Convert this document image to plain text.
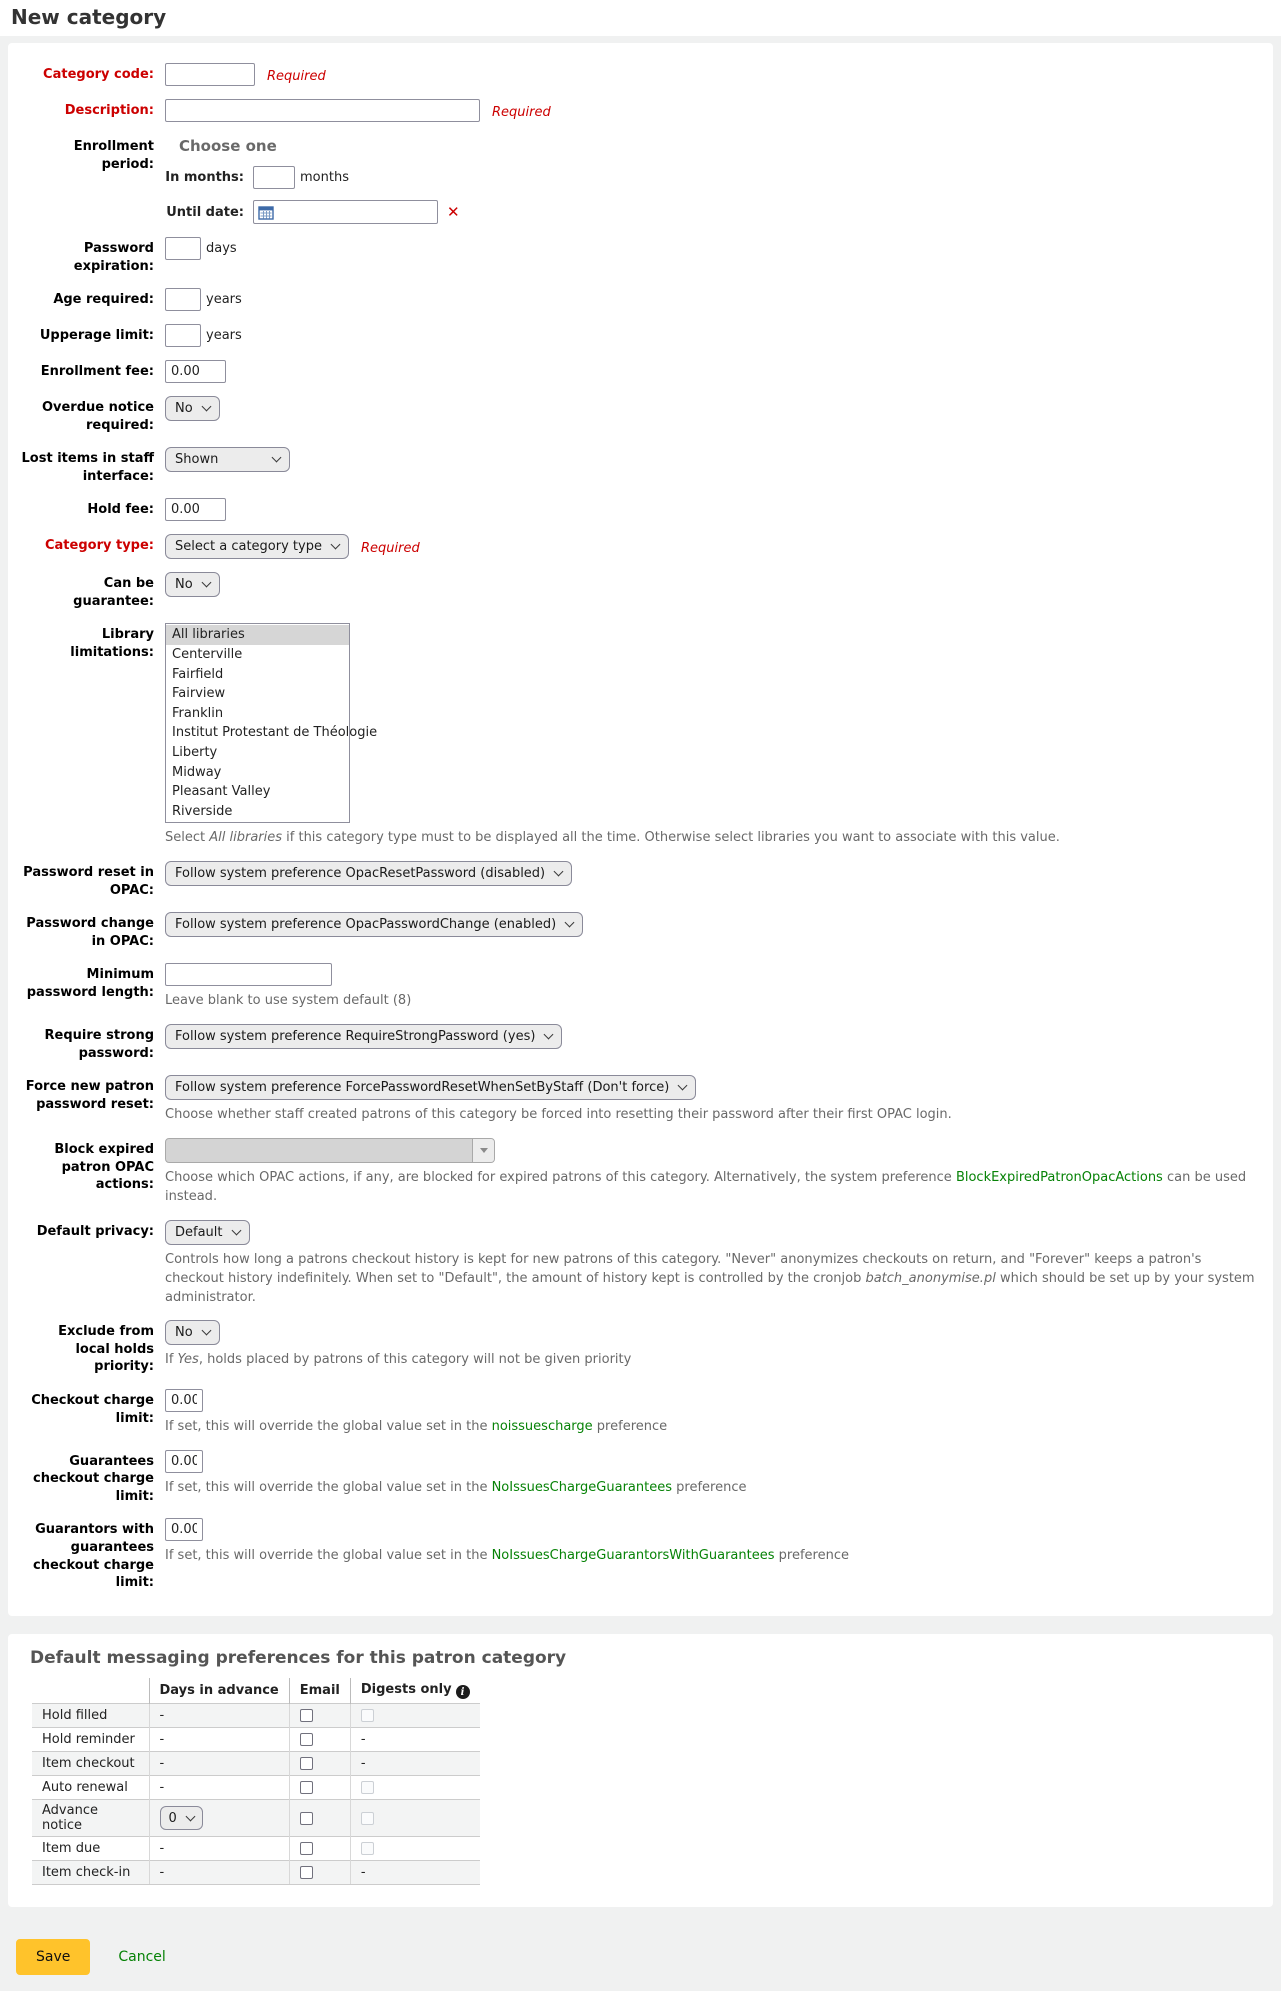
New category
Category code:	Required
Description:	Required
Enrollment period:
Choose one
In months:	months
Until date:	✕
Password expiration:
days
Age required:	years
Upperage limit:	years
Enrollment fee:
0.00
Overdue notice required:
No
Lost items in staff interface:
Shown
Hold fee:
0.00
Category type:	Select a category type	Required
Can be guarantee:
No
Library limitations:
All libraries
Centerville
Fairfield
Fairview
Franklin
Institut Protestant de Théologie
Liberty
Midway
Pleasant Valley
Riverside
Select All libraries if this category type must to be displayed all the time. Otherwise select libraries you want to associate with this value.
Password reset in OPAC:
Follow system preference OpacResetPassword (disabled)
Password change in OPAC:
Follow system preference OpacPasswordChange (enabled)
Minimum password length:
Leave blank to use system default (8)
Require strong password:
Follow system preference RequireStrongPassword (yes)
Force new patron password reset:
Follow system preference ForcePasswordResetWhenSetByStaff (Don't force)
Choose whether staff created patrons of this category be forced into resetting their password after their first OPAC login.
Block expired patron OPAC actions: Choose which OPAC actions, if any, are blocked for expired patrons of this category. Alternatively, the system preference BlockExpiredPatronOpacActions can be used instead.
Default privacy:	Default
Controls how long a patrons checkout history is kept for new patrons of this category. "Never" anonymizes checkouts on return, and "Forever" keeps a patron's checkout history indefinitely. When set to "Default", the amount of history kept is controlled by the cronjob batch_anonymise.pl which should be set up by your system administrator.
Exclude from local holds priority:
No
If Yes, holds placed by patrons of this category will not be given priority
Checkout charge limit:
0.00
If set, this will override the global value set in the noissuescharge preference
Guarantees checkout charge limit:
0.00
If set, this will override the global value set in the NoIssuesChargeGuarantees preference
Guarantors with guarantees checkout charge limit:
0.00
If set, this will override the global value set in the NoIssuesChargeGuarantorsWithGuarantees preference
Default messaging preferences for this patron category
	Days in advance	Email	Digests only i
Hold filled	-		
Hold reminder	-		-
Item checkout	-		-
Auto renewal	-		
Advance notice	0		

Item due	-		
Item check-in	-		-
Save	Cancel
